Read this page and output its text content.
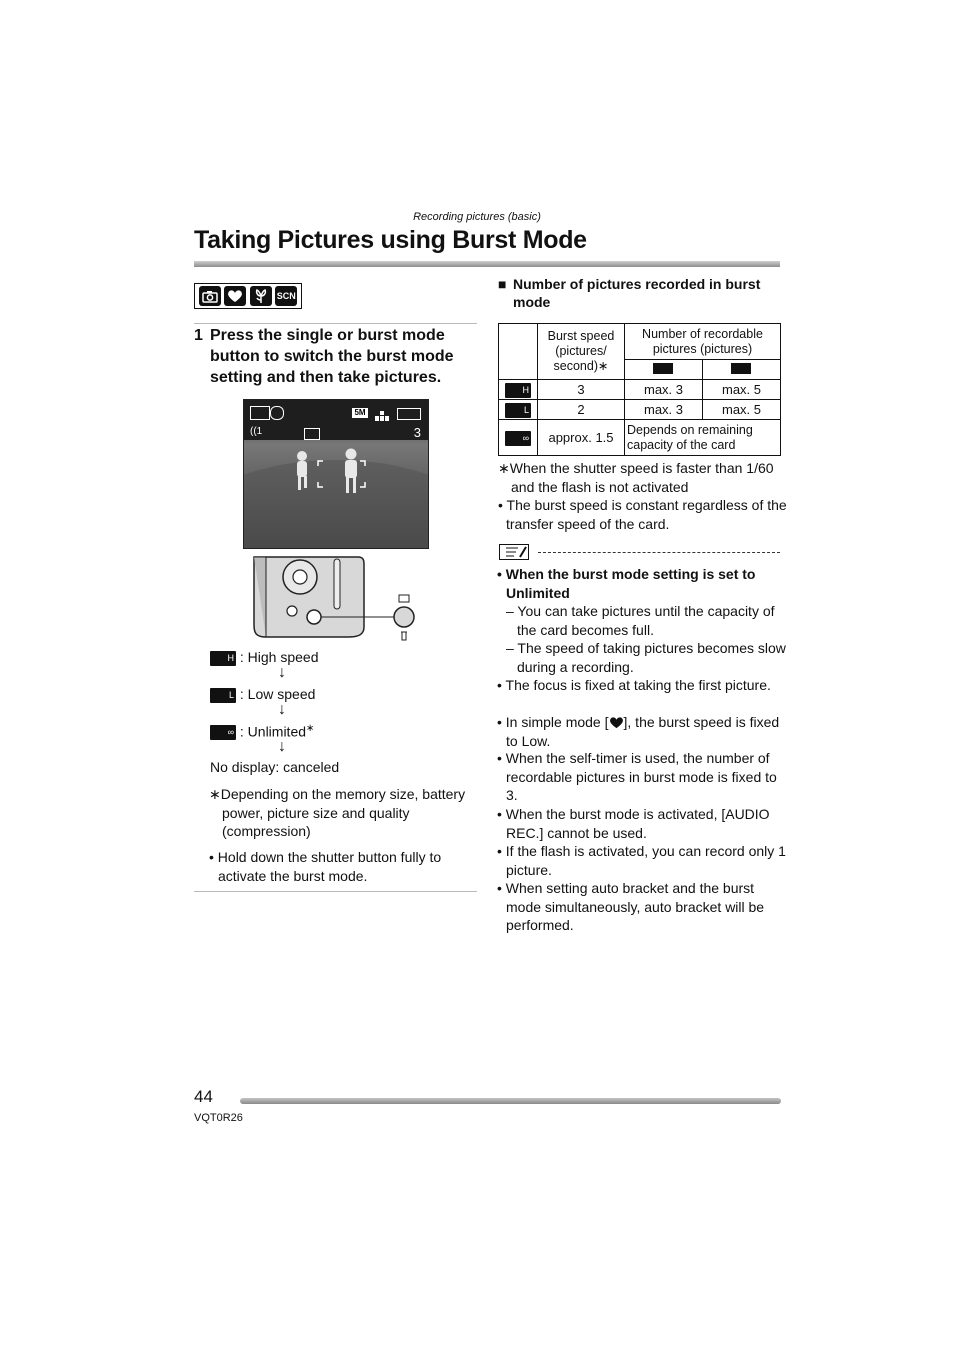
Recording pictures (basic)
Taking Pictures using Burst Mode
SCN
1 Press the single or burst mode button to switch the burst mode setting and then take pictures.
5M
((1	3
H : High speed
↓
L : Low speed
↓
∞ : Unlimited∗
↓
No display: canceled
∗Depending on the memory size, battery power, picture size and quality (compression)
• Hold down the shutter button fully to activate the burst mode.
■ Number of pictures recorded in burst mode
	Burst speed (pictures/ second)∗	Number of recordable pictures (pictures)	

H	3	max. 3	max. 5
L	2	max. 3	max. 5
∞	approx. 1.5	Depends on remaining capacity of the card	
∗When the shutter speed is faster than 1/60 and the flash is not activated
• The burst speed is constant regardless of the transfer speed of the card.
• When the burst mode setting is set to Unlimited
– You can take pictures until the capacity of the card becomes full.
– The speed of taking pictures becomes slow during a recording.
• The focus is fixed at taking the first picture.
• In simple mode [ ], the burst speed is fixed to Low.
• When the self-timer is used, the number of recordable pictures in burst mode is fixed to 3.
• When the burst mode is activated, [AUDIO REC.] cannot be used.
• If the flash is activated, you can record only 1 picture.
• When setting auto bracket and the burst mode simultaneously, auto bracket will be performed.
44
VQT0R26
